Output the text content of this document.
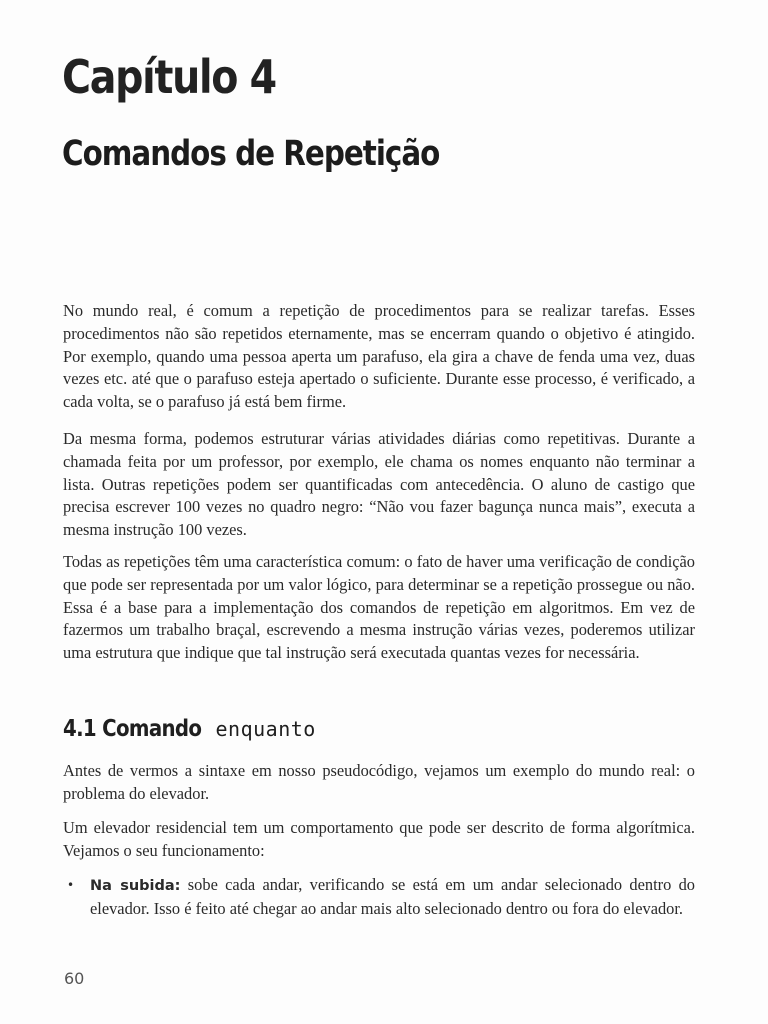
Capítulo 4
Comandos de Repetição

No mundo real, é comum a repetição de procedimentos para se realizar tarefas. Esses procedimentos não são repetidos eternamente, mas se encerram quando o objetivo é atingido. Por exemplo, quando uma pessoa aperta um parafuso, ela gira a chave de fenda uma vez, duas vezes etc. até que o parafuso esteja apertado o suficiente. Durante esse processo, é verificado, a cada volta, se o parafuso já está bem firme.

Da mesma forma, podemos estruturar várias atividades diárias como repetitivas. Durante a chamada feita por um professor, por exemplo, ele chama os nomes enquanto não terminar a lista. Outras repetições podem ser quantificadas com antecedência. O aluno de castigo que precisa escrever 100 vezes no quadro negro: “Não vou fazer bagunça nunca mais”, executa a mesma instrução 100 vezes.

Todas as repetições têm uma característica comum: o fato de haver uma verificação de condição que pode ser representada por um valor lógico, para determinar se a repetição prossegue ou não. Essa é a base para a implementação dos comandos de repetição em algoritmos. Em vez de fazermos um trabalho braçal, escrevendo a mesma instrução várias vezes, poderemos utilizar uma estrutura que indique que tal instrução será executada quantas vezes for necessária.

4.1 Comando enquanto

Antes de vermos a sintaxe em nosso pseudocódigo, vejamos um exemplo do mundo real: o problema do elevador.

Um elevador residencial tem um comportamento que pode ser descrito de forma algorítmica. Vejamos o seu funcionamento:

• Na subida: sobe cada andar, verificando se está em um andar selecionado dentro do elevador. Isso é feito até chegar ao andar mais alto selecionado dentro ou fora do elevador.

60
